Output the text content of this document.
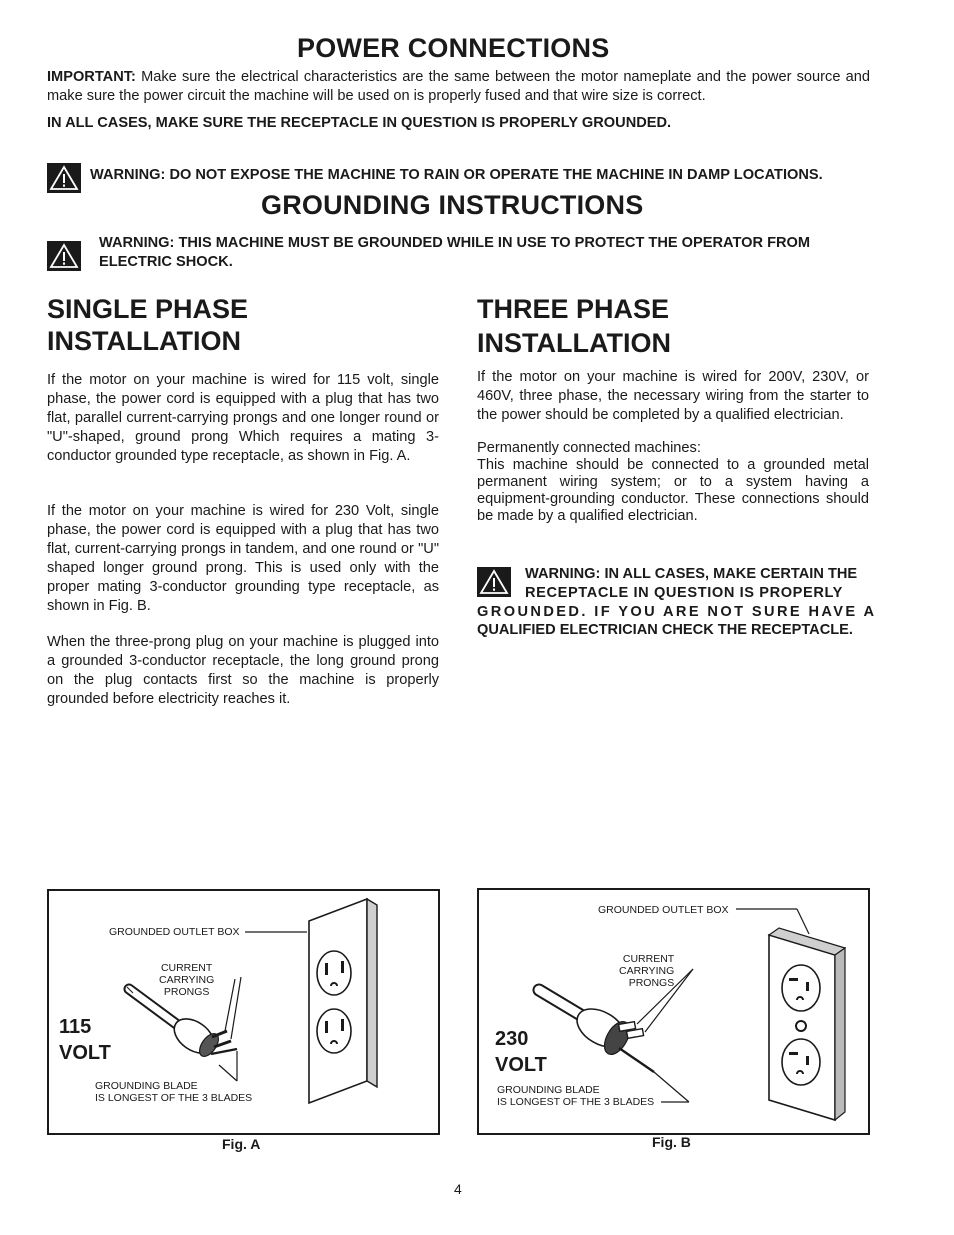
POWER CONNECTIONS
IMPORTANT: Make sure the electrical characteristics are the same between the motor nameplate and the power source and make sure the power circuit the machine will be used on is properly fused and that wire size is correct.
IN ALL CASES, MAKE SURE THE RECEPTACLE IN QUESTION IS PROPERLY GROUNDED.
WARNING: DO NOT EXPOSE THE MACHINE TO RAIN OR OPERATE THE MACHINE IN DAMP LOCATIONS.
GROUNDING INSTRUCTIONS
WARNING: THIS MACHINE MUST BE GROUNDED WHILE IN USE TO PROTECT THE OPERATOR FROM
ELECTRIC SHOCK.
SINGLE PHASE
INSTALLATION
If the motor on your machine is wired for 115 volt, single phase, the power cord is equipped with a plug that has two flat, parallel current-carrying prongs and one longer round or "U"-shaped, ground prong Which requires a mating 3-conductor grounded type receptacle, as shown in Fig. A.
If the motor on your machine is wired for 230 Volt, single phase, the power cord is equipped with a plug that has two flat, current-carrying prongs in tandem, and one round or "U" shaped longer ground prong. This is used only with the proper mating 3-conductor grounding type receptacle, as shown in Fig. B.
When the three-prong plug on your machine is plugged into a grounded 3-conductor receptacle, the long ground prong on the plug contacts first so the machine is properly grounded before electricity reaches it.
THREE PHASE
INSTALLATION
If the motor on your machine is wired for 200V, 230V, or 460V, three phase, the necessary wiring from the starter to the power should be completed by a qualified electrician.
Permanently connected machines:
This machine should be connected to a grounded metal permanent wiring system; or to a system having a equipment-grounding conductor. These connections should be made by a qualified electrician.
WARNING: IN ALL CASES, MAKE CERTAIN THE
RECEPTACLE IN QUESTION IS PROPERLY
GROUNDED. IF YOU ARE NOT SURE HAVE A
QUALIFIED ELECTRICIAN CHECK THE RECEPTACLE.
GROUNDED OUTLET BOX
CURRENT
CARRYING
PRONGS
115
VOLT
GROUNDING BLADE
IS LONGEST OF THE 3 BLADES
Fig. A
GROUNDED OUTLET BOX
CURRENT
CARRYING
PRONGS
230
VOLT
GROUNDING BLADE
IS LONGEST OF THE 3 BLADES
Fig. B
4
